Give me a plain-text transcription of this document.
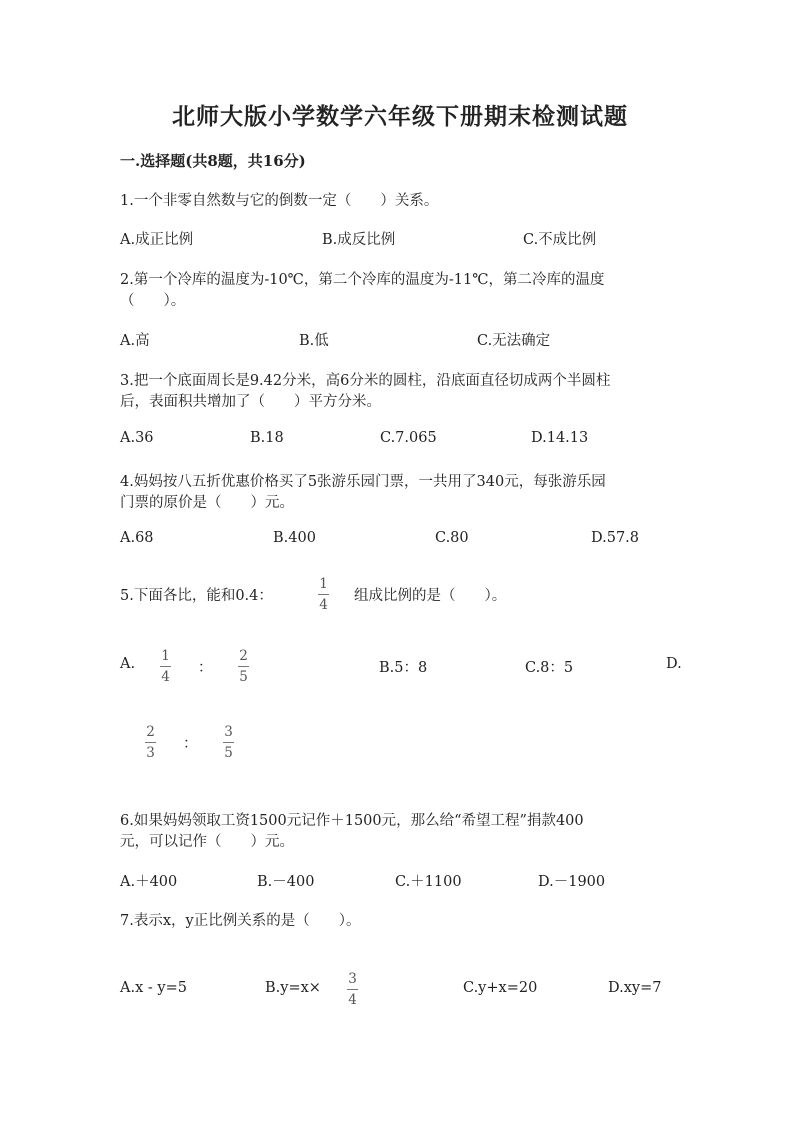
北师大版小学数学六年级下册期末检测试题
一.选择题(共8题，共16分)
1.一个非零自然数与它的倒数一定（　　）关系。
A.成正比例	B.成反比例	C.不成比例
2.第一个冷库的温度为-10℃，第二个冷库的温度为-11℃，第二冷库的温度
（　　）。
A.高	B.低	C.无法确定
3.把一个底面周长是9.42分米，高6分米的圆柱，沿底面直径切成两个半圆柱
后，表面积共增加了（　　）平方分米。
A.36	B.18	C.7.065	D.14.13
4.妈妈按八五折优惠价格买了5张游乐园门票，一共用了340元，每张游乐园
门票的原价是（　　）元。
A.68	B.400	C.80	D.57.8
5.下面各比，能和0.4：
1
4
组成比例的是（　　）。
A. 1
4
：
2
5
B.5：8	C.8：5	D.
2
3
：
3
5
6.如果妈妈领取工资1500元记作＋1500元，那么给“希望工程”捐款400
元，可以记作（　　）元。
A.＋400	B.－400	C.＋1100	D.－1900
7.表示x，y正比例关系的是（　　）。
A.x - y=5	B.y=x×
3
4
C.y+x=20	D.xy=7
